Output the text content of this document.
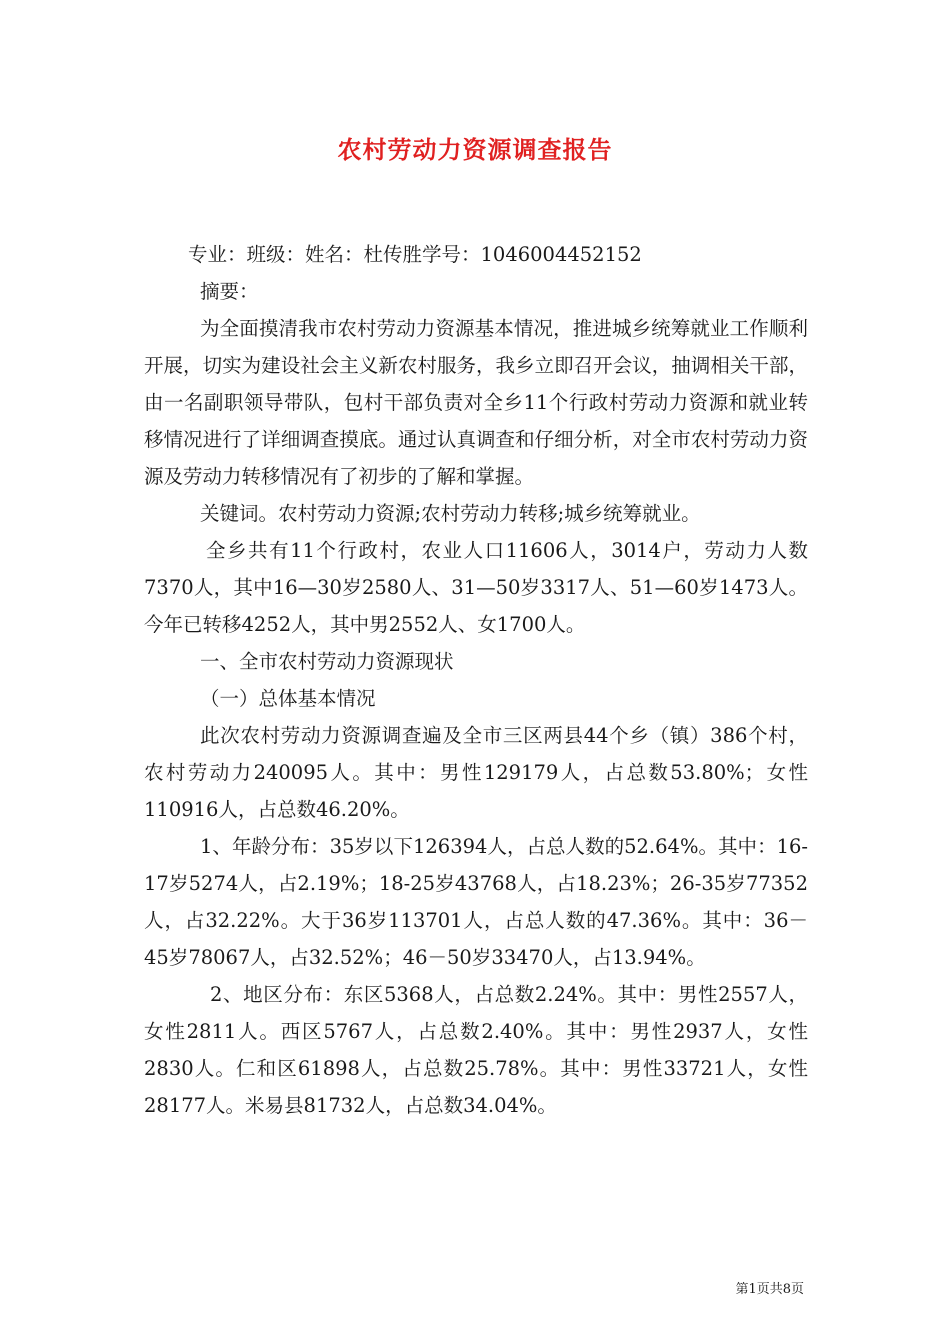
农村劳动力资源调查报告

专业：班级：姓名：杜传胜学号：1046004452152

摘要：

为全面摸清我市农村劳动力资源基本情况，推进城乡统筹就业工作顺利开展，切实为建设社会主义新农村服务，我乡立即召开会议，抽调相关干部，由一名副职领导带队，包村干部负责对全乡11个行政村劳动力资源和就业转移情况进行了详细调查摸底。通过认真调查和仔细分析，对全市农村劳动力资源及劳动力转移情况有了初步的了解和掌握。

关键词。农村劳动力资源;农村劳动力转移;城乡统筹就业。

全乡共有11个行政村，农业人口11606人，3014户，劳动力人数7370人，其中16—30岁2580人、31—50岁3317人、51—60岁1473人。今年已转移4252人，其中男2552人、女1700人。

一、全市农村劳动力资源现状

（一）总体基本情况

此次农村劳动力资源调查遍及全市三区两县44个乡（镇）386个村，农村劳动力240095人。其中：男性129179人，占总数53.80%；女性110916人，占总数46.20%。

1、年龄分布：35岁以下126394人，占总人数的52.64%。其中：16-17岁5274人，占2.19%；18-25岁43768人，占18.23%；26-35岁77352人，占32.22%。大于36岁113701人，占总人数的47.36%。其中：36－45岁78067人，占32.52%；46－50岁33470人，占13.94%。

2、地区分布：东区5368人，占总数2.24%。其中：男性2557人，女性2811人。西区5767人，占总数2.40%。其中：男性2937人，女性2830人。仁和区61898人，占总数25.78%。其中：男性33721人，女性28177人。米易县81732人，占总数34.04%。

第1页共8页
